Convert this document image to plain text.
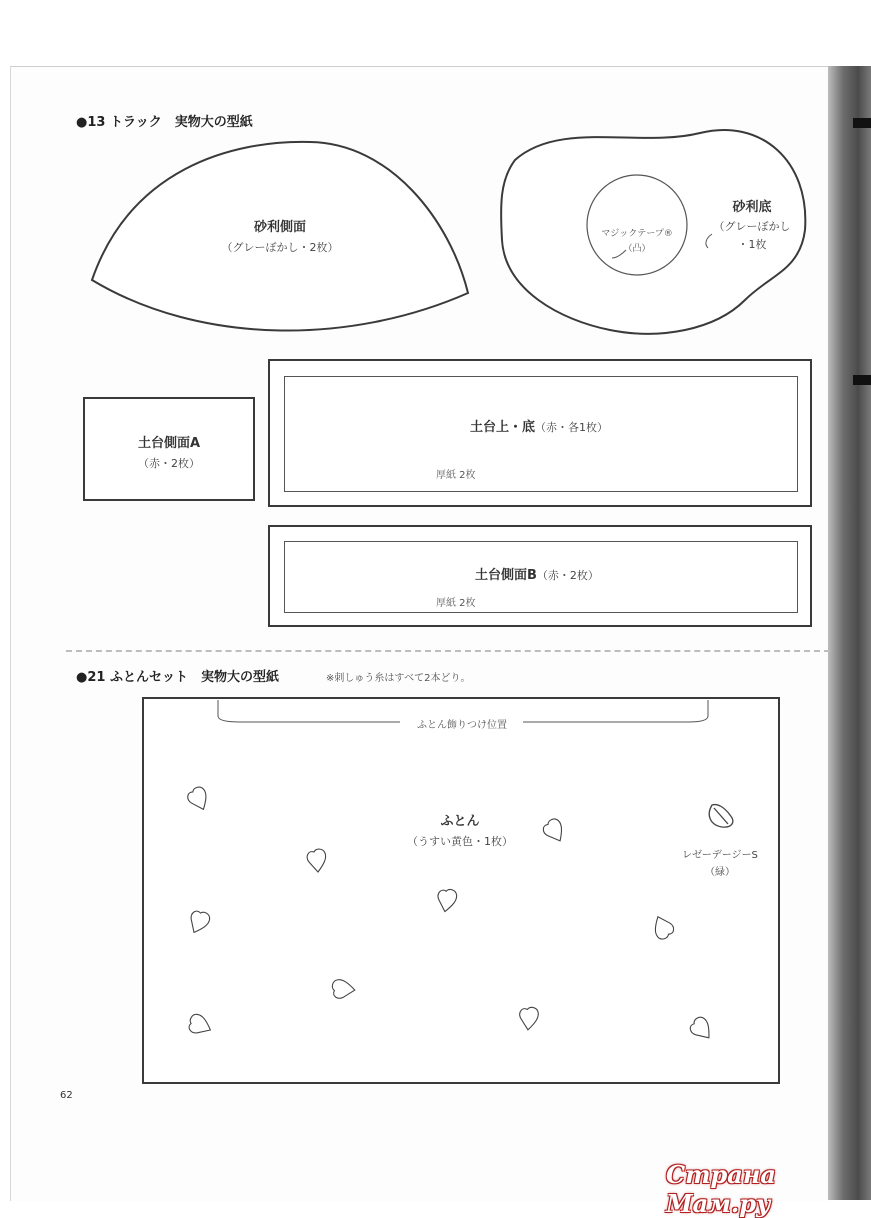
●13 トラック　実物大の型紙
砂利側面
（グレーぼかし・2枚）
マジックテープ®
（凸）
砂利底
（グレーぼかし
・1枚
土台側面A
（赤・2枚）
土台上・底（赤・各1枚）
厚紙 2枚
土台側面B（赤・2枚）
厚紙 2枚
●21 ふとんセット　実物大の型紙	※刺しゅう糸はすべて2本どり。
ふとん飾りつけ位置
ふとん
（うすい黄色・1枚）
レゼーデージーS
（緑）
62
Страна Мам.ру
